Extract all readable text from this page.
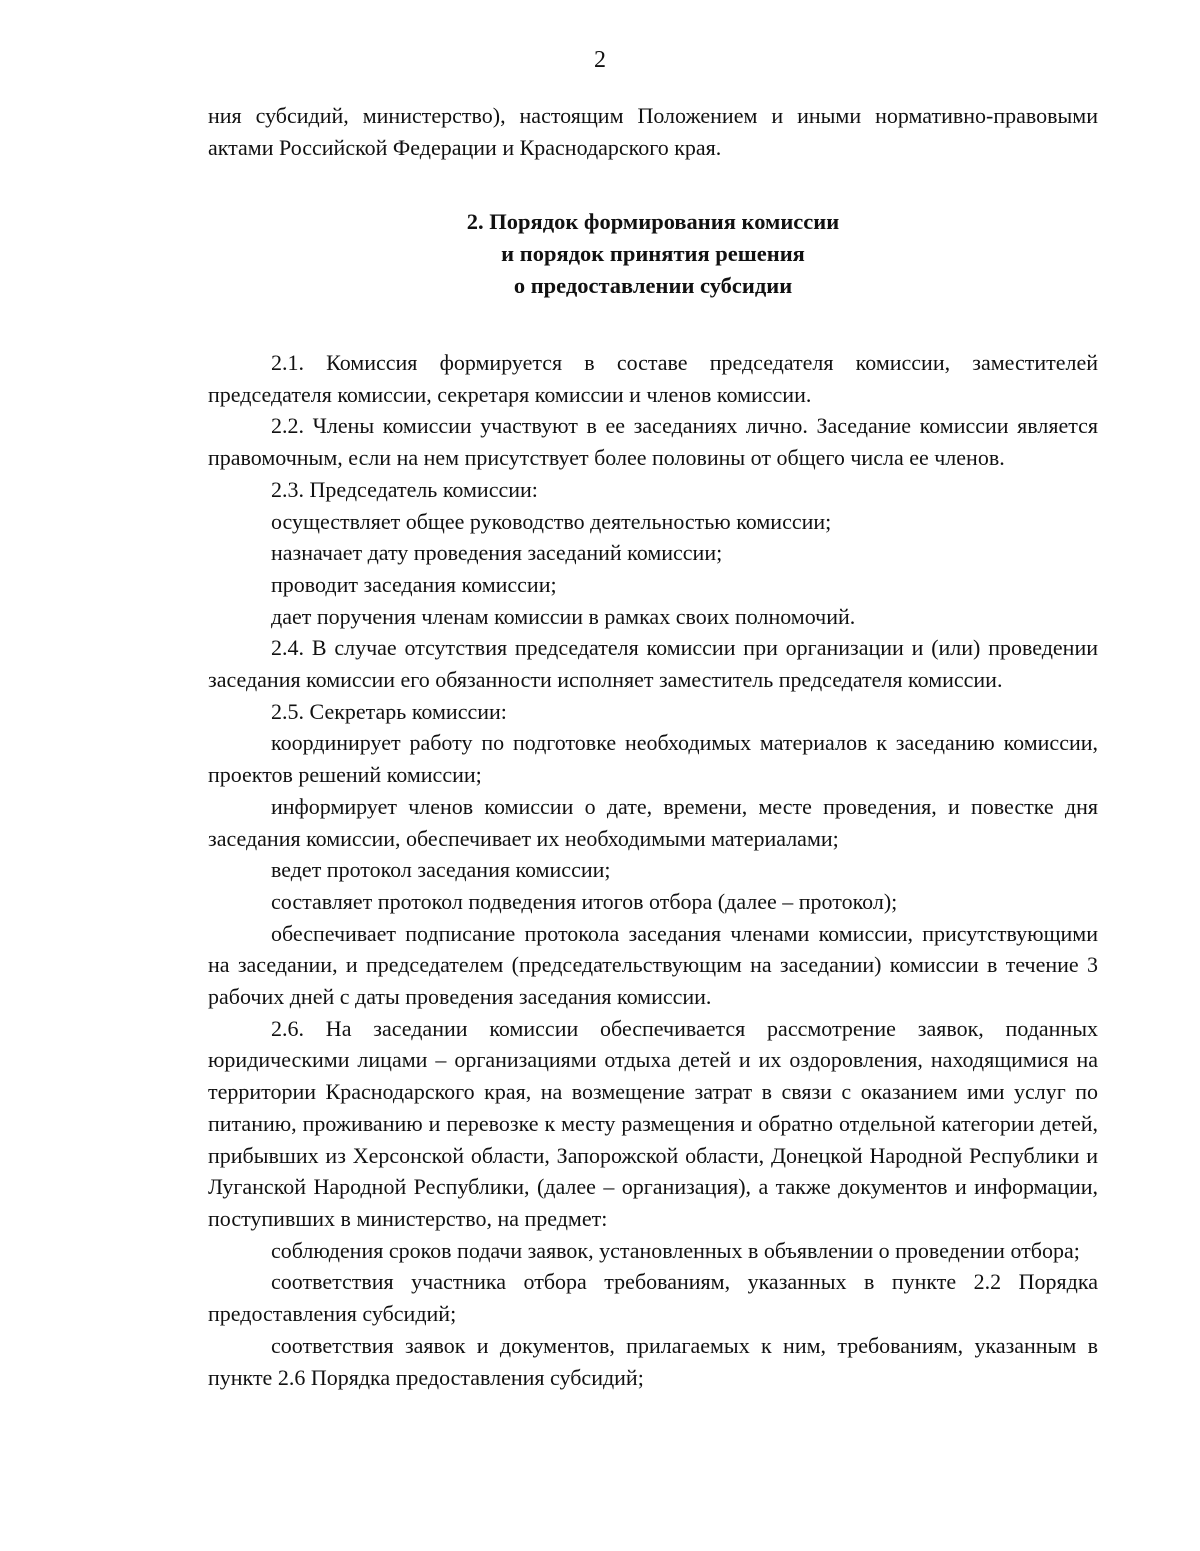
2

ния субсидий, министерство), настоящим Положением и иными нормативно-правовыми актами Российской Федерации и Краснодарского края.

2. Порядок формирования комиссии
и порядок принятия решения
о предоставлении субсидии

2.1. Комиссия формируется в составе председателя комиссии, заместителей председателя комиссии, секретаря комиссии и членов комиссии.

2.2. Члены комиссии участвуют в ее заседаниях лично. Заседание комиссии является правомочным, если на нем присутствует более половины от общего числа ее членов.

2.3. Председатель комиссии:

осуществляет общее руководство деятельностью комиссии;

назначает дату проведения заседаний комиссии;

проводит заседания комиссии;

дает поручения членам комиссии в рамках своих полномочий.

2.4. В случае отсутствия председателя комиссии при организации и (или) проведении заседания комиссии его обязанности исполняет заместитель председателя комиссии.

2.5. Секретарь комиссии:

координирует работу по подготовке необходимых материалов к заседанию комиссии, проектов решений комиссии;

информирует членов комиссии о дате, времени, месте проведения, и повестке дня заседания комиссии, обеспечивает их необходимыми материалами;

ведет протокол заседания комиссии;

составляет протокол подведения итогов отбора (далее – протокол);

обеспечивает подписание протокола заседания членами комиссии, присутствующими на заседании, и председателем (председательствующим на заседании) комиссии в течение 3 рабочих дней с даты проведения заседания комиссии.

2.6. На заседании комиссии обеспечивается рассмотрение заявок, поданных юридическими лицами – организациями отдыха детей и их оздоровления, находящимися на территории Краснодарского края, на возмещение затрат в связи с оказанием ими услуг по питанию, проживанию и перевозке к месту размещения и обратно отдельной категории детей, прибывших из Херсонской области, Запорожской области, Донецкой Народной Республики и Луганской Народной Республики, (далее – организация), а также документов и информации, поступивших в министерство, на предмет:

соблюдения сроков подачи заявок, установленных в объявлении о проведении отбора;

соответствия участника отбора требованиям, указанных в пункте 2.2 Порядка предоставления субсидий;

соответствия заявок и документов, прилагаемых к ним, требованиям, указанным в пункте 2.6 Порядка предоставления субсидий;
